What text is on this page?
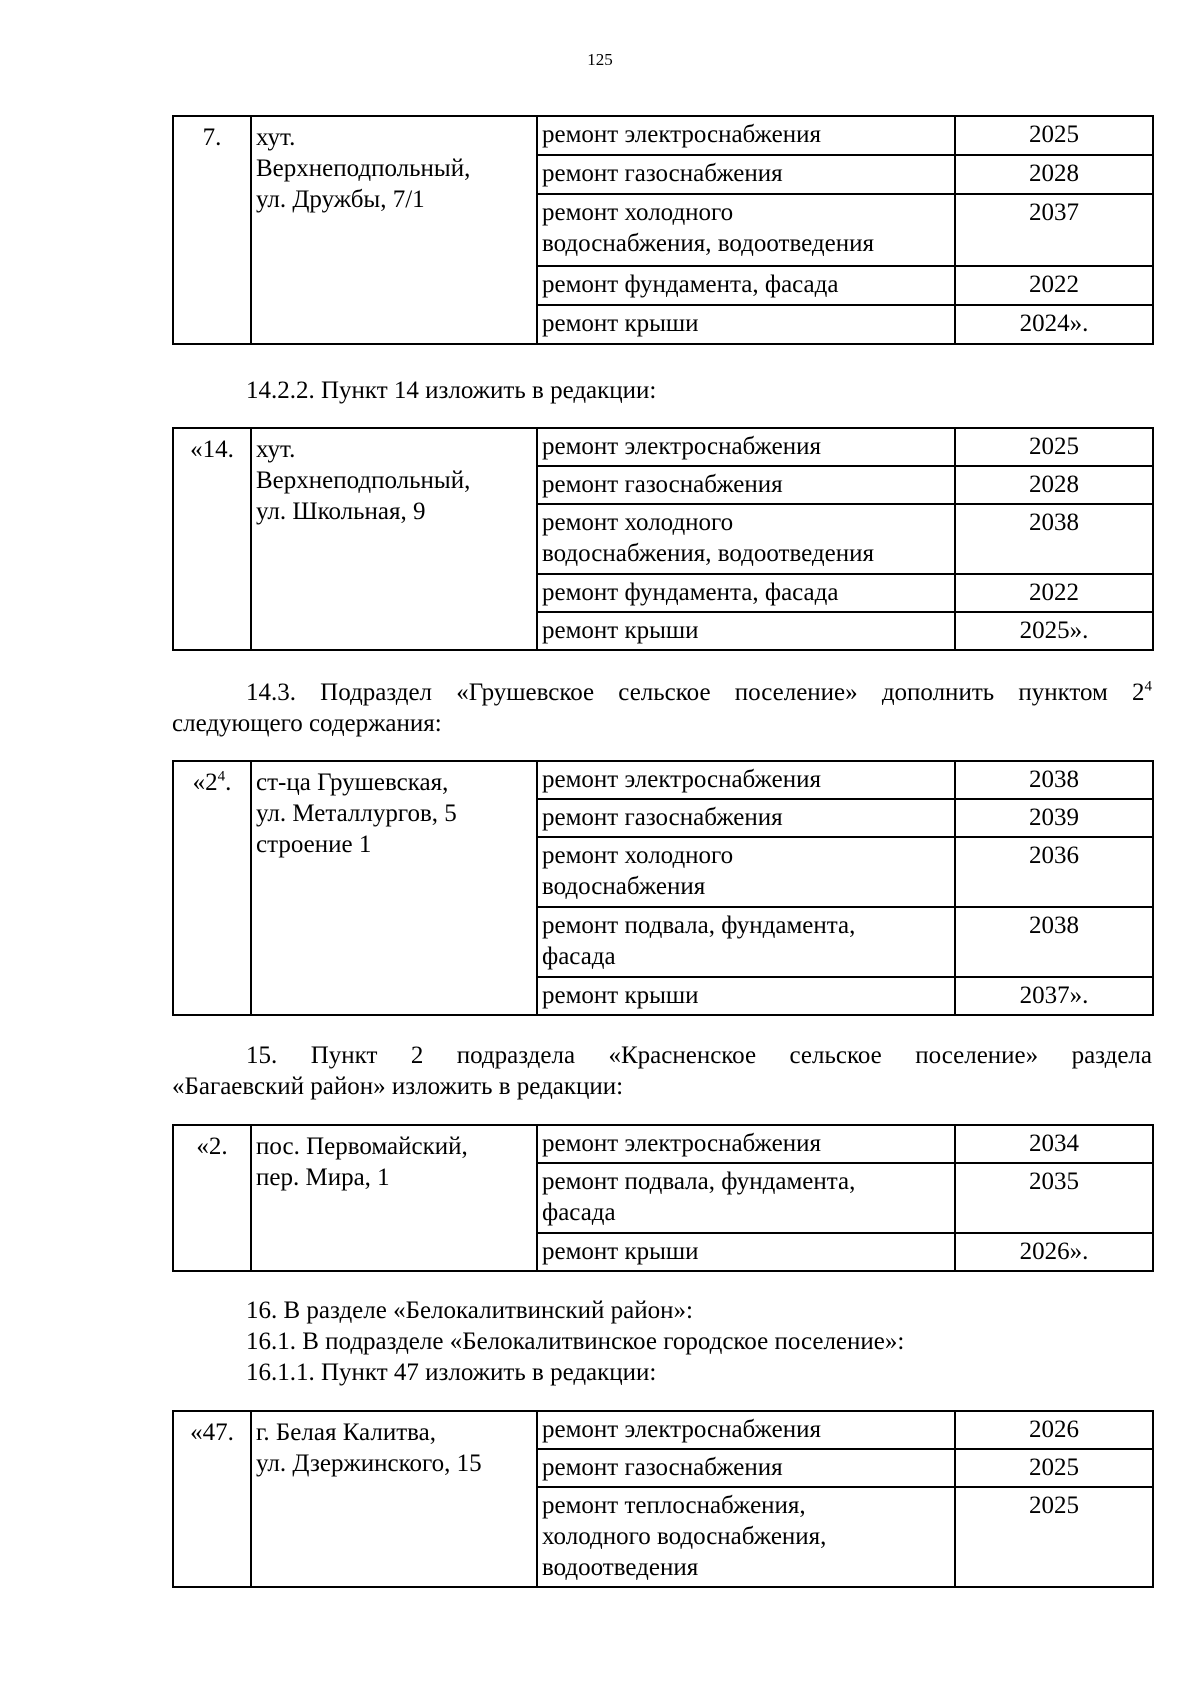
125
7.	хут.
Верхнеподпольный,
ул. Дружбы, 7/1	ремонт электроснабжения	2025

		ремонт газоснабжения	2028

		ремонт холодного
водоснабжения, водоотведения	2037

		ремонт фундамента, фасада	2022

		ремонт крыши	2024».

14.2.2. Пункт 14 изложить в редакции:

«14.	хут.
Верхнеподпольный,
ул. Школьная, 9	ремонт электроснабжения	2025

		ремонт газоснабжения	2028

		ремонт холодного
водоснабжения, водоотведения	2038

		ремонт фундамента, фасада	2022

		ремонт крыши	2025».

14.3. Подраздел «Грушевское сельское поселение» дополнить пунктом $2^4$

следующего содержания:

«$2^4$.	ст-ца Грушевская,
ул. Металлургов, 5
строение 1	ремонт электроснабжения	2038

		ремонт газоснабжения	2039

		ремонт холодного
водоснабжения	2036

		ремонт подвала, фундамента,
фасада	2038

		ремонт крыши	2037».

15. Пункт 2 подраздела «Красненское сельское поселение» раздела

«Багаевский район» изложить в редакции:

«2.	пос. Первомайский,
пер. Мира, 1	ремонт электроснабжения	2034

		ремонт подвала, фундамента,
фасада	2035

		ремонт крыши	2026».

16. В разделе «Белокалитвинский район»:

16.1. В подразделе «Белокалитвинское городское поселение»:

16.1.1. Пункт 47 изложить в редакции:

«47.	г. Белая Калитва,
ул. Дзержинского, 15	ремонт электроснабжения	2026

		ремонт газоснабжения	2025

		ремонт теплоснабжения,
холодного водоснабжения,
водоотведения	2025
